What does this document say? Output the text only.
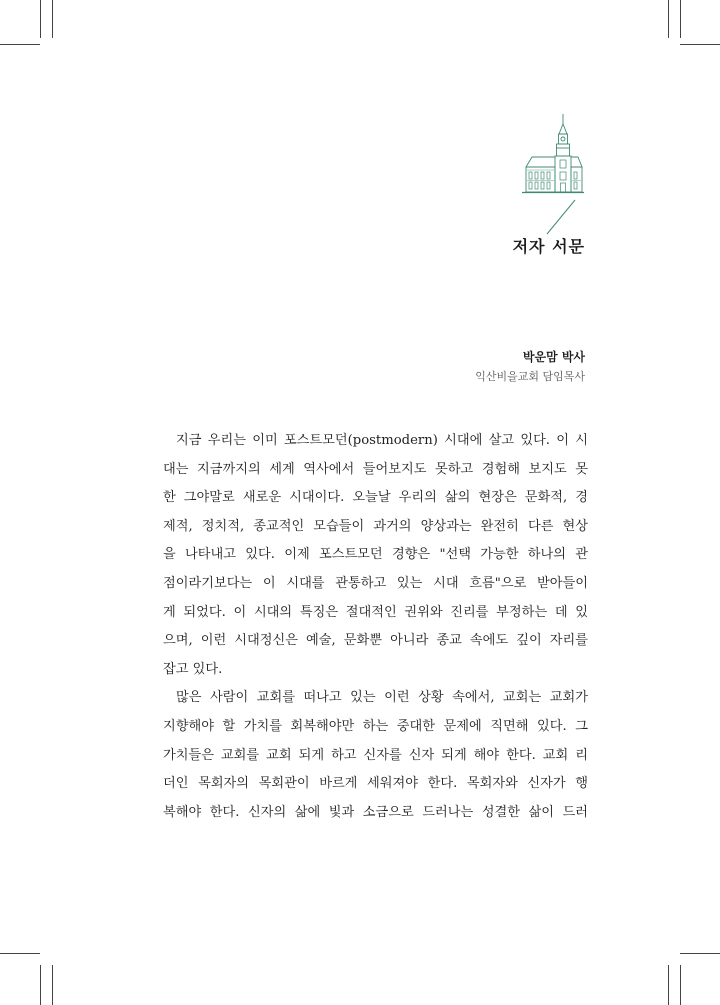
저자 서문

박운맘 박사

익산비을교회 담임목사

지금 우리는 이미 포스트모던(postmodern) 시대에 살고 있다. 이 시
대는 지금까지의 세계 역사에서 들어보지도 못하고 경험해 보지도 못
한 그야말로 새로운 시대이다. 오늘날 우리의 삶의 현장은 문화적, 경
제적, 정치적, 종교적인 모습들이 과거의 양상과는 완전히 다른 현상
을 나타내고 있다. 이제 포스트모던 경향은 "선택 가능한 하나의 관
점이라기보다는 이 시대를 관통하고 있는 시대 흐름"으로 받아들이
게 되었다. 이 시대의 특징은 절대적인 권위와 진리를 부정하는 데 있
으며, 이런 시대정신은 예술, 문화뿐 아니라 종교 속에도 깊이 자리를
잡고 있다.
많은 사람이 교회를 떠나고 있는 이런 상황 속에서, 교회는 교회가
지향해야 할 가치를 회복해야만 하는 중대한 문제에 직면해 있다. 그
가치들은 교회를 교회 되게 하고 신자를 신자 되게 해야 한다. 교회 리
더인 목회자의 목회관이 바르게 세워져야 한다. 목회자와 신자가 행
복해야 한다. 신자의 삶에 빛과 소금으로 드러나는 성결한 삶이 드러
